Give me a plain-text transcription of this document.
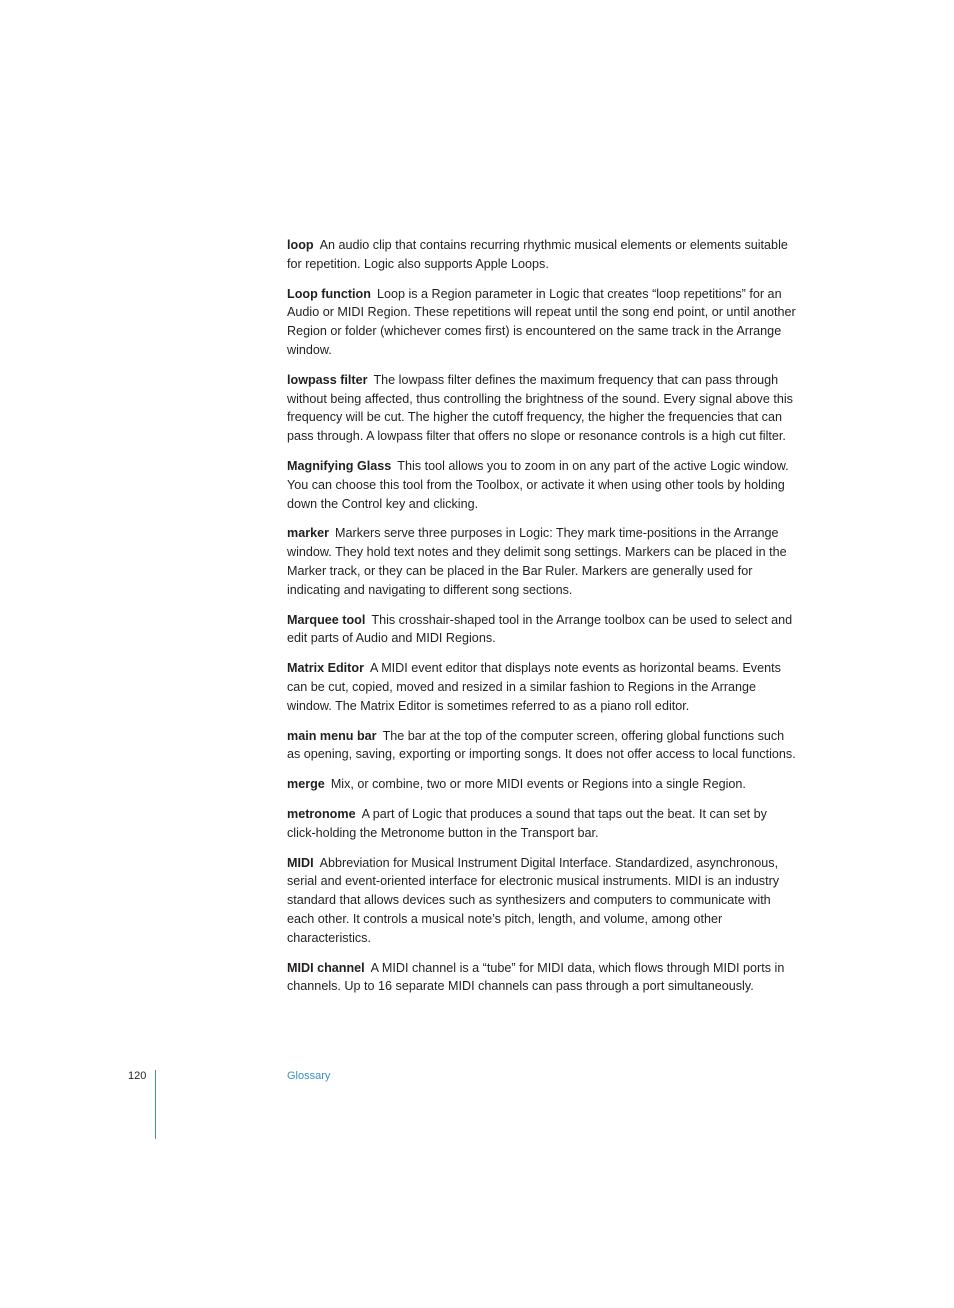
loop An audio clip that contains recurring rhythmic musical elements or elements suitable for repetition. Logic also supports Apple Loops.

Loop function Loop is a Region parameter in Logic that creates “loop repetitions” for an Audio or MIDI Region. These repetitions will repeat until the song end point, or until another Region or folder (whichever comes first) is encountered on the same track in the Arrange window.

lowpass filter The lowpass filter defines the maximum frequency that can pass through without being affected, thus controlling the brightness of the sound. Every signal above this frequency will be cut. The higher the cutoff frequency, the higher the frequencies that can pass through. A lowpass filter that offers no slope or resonance controls is a high cut filter.

Magnifying Glass This tool allows you to zoom in on any part of the active Logic window. You can choose this tool from the Toolbox, or activate it when using other tools by holding down the Control key and clicking.

marker Markers serve three purposes in Logic: They mark time-positions in the Arrange window. They hold text notes and they delimit song settings. Markers can be placed in the Marker track, or they can be placed in the Bar Ruler. Markers are generally used for indicating and navigating to different song sections.

Marquee tool This crosshair-shaped tool in the Arrange toolbox can be used to select and edit parts of Audio and MIDI Regions.

Matrix Editor A MIDI event editor that displays note events as horizontal beams. Events can be cut, copied, moved and resized in a similar fashion to Regions in the Arrange window. The Matrix Editor is sometimes referred to as a piano roll editor.

main menu bar The bar at the top of the computer screen, offering global functions such as opening, saving, exporting or importing songs. It does not offer access to local functions.

merge Mix, or combine, two or more MIDI events or Regions into a single Region.

metronome A part of Logic that produces a sound that taps out the beat. It can set by click-holding the Metronome button in the Transport bar.

MIDI Abbreviation for Musical Instrument Digital Interface. Standardized, asynchronous, serial and event-oriented interface for electronic musical instruments. MIDI is an industry standard that allows devices such as synthesizers and computers to communicate with each other. It controls a musical note’s pitch, length, and volume, among other characteristics.

MIDI channel A MIDI channel is a “tube” for MIDI data, which flows through MIDI ports in channels. Up to 16 separate MIDI channels can pass through a port simultaneously.

120	Glossary
